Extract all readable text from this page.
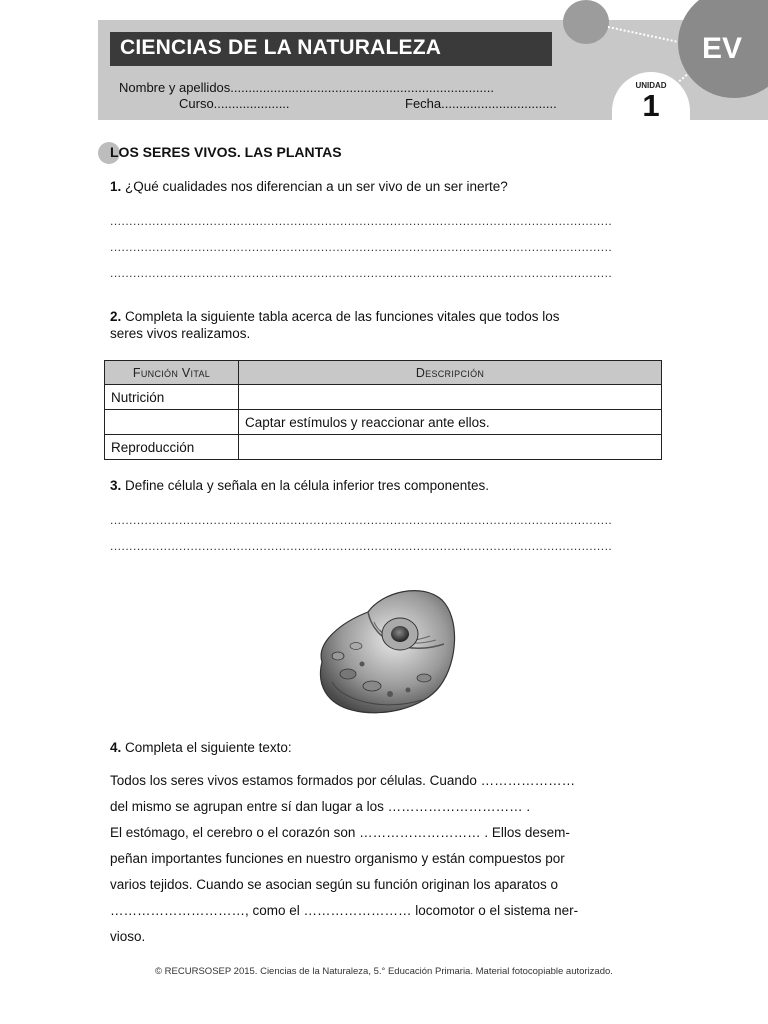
CIENCIAS DE LA NATURALEZA
Nombre y apellidos.........................................................................
Curso.....................	Fecha................................
EV
UNIDAD
1
LOS SERES VIVOS. LAS PLANTAS
1. ¿Qué cualidades nos diferencian a un ser vivo de un ser inerte?
...................................................................................................................................
...................................................................................................................................
...................................................................................................................................
2. Completa la siguiente tabla acerca de las funciones vitales que todos los
seres vivos realizamos.
Función Vital	Descripción
Nutrición	
	Captar estímulos y reaccionar ante ellos.
Reproducción	
3. Define célula y señala en la célula inferior tres componentes.
...................................................................................................................................
...................................................................................................................................
4. Completa el siguiente texto:
Todos los seres vivos estamos formados por células. Cuando …………………
del mismo se agrupan entre sí dan lugar a los ………………………… .
El estómago, el cerebro o el corazón son ……………………… . Ellos desem-
peñan importantes funciones en nuestro organismo y están compuestos por
varios tejidos. Cuando se asocian según su función originan los aparatos o
…………………………, como el …………………… locomotor o el sistema ner-
vioso.
© RECURSOSEP 2015. Ciencias de la Naturaleza, 5.° Educación Primaria. Material fotocopiable autorizado.
